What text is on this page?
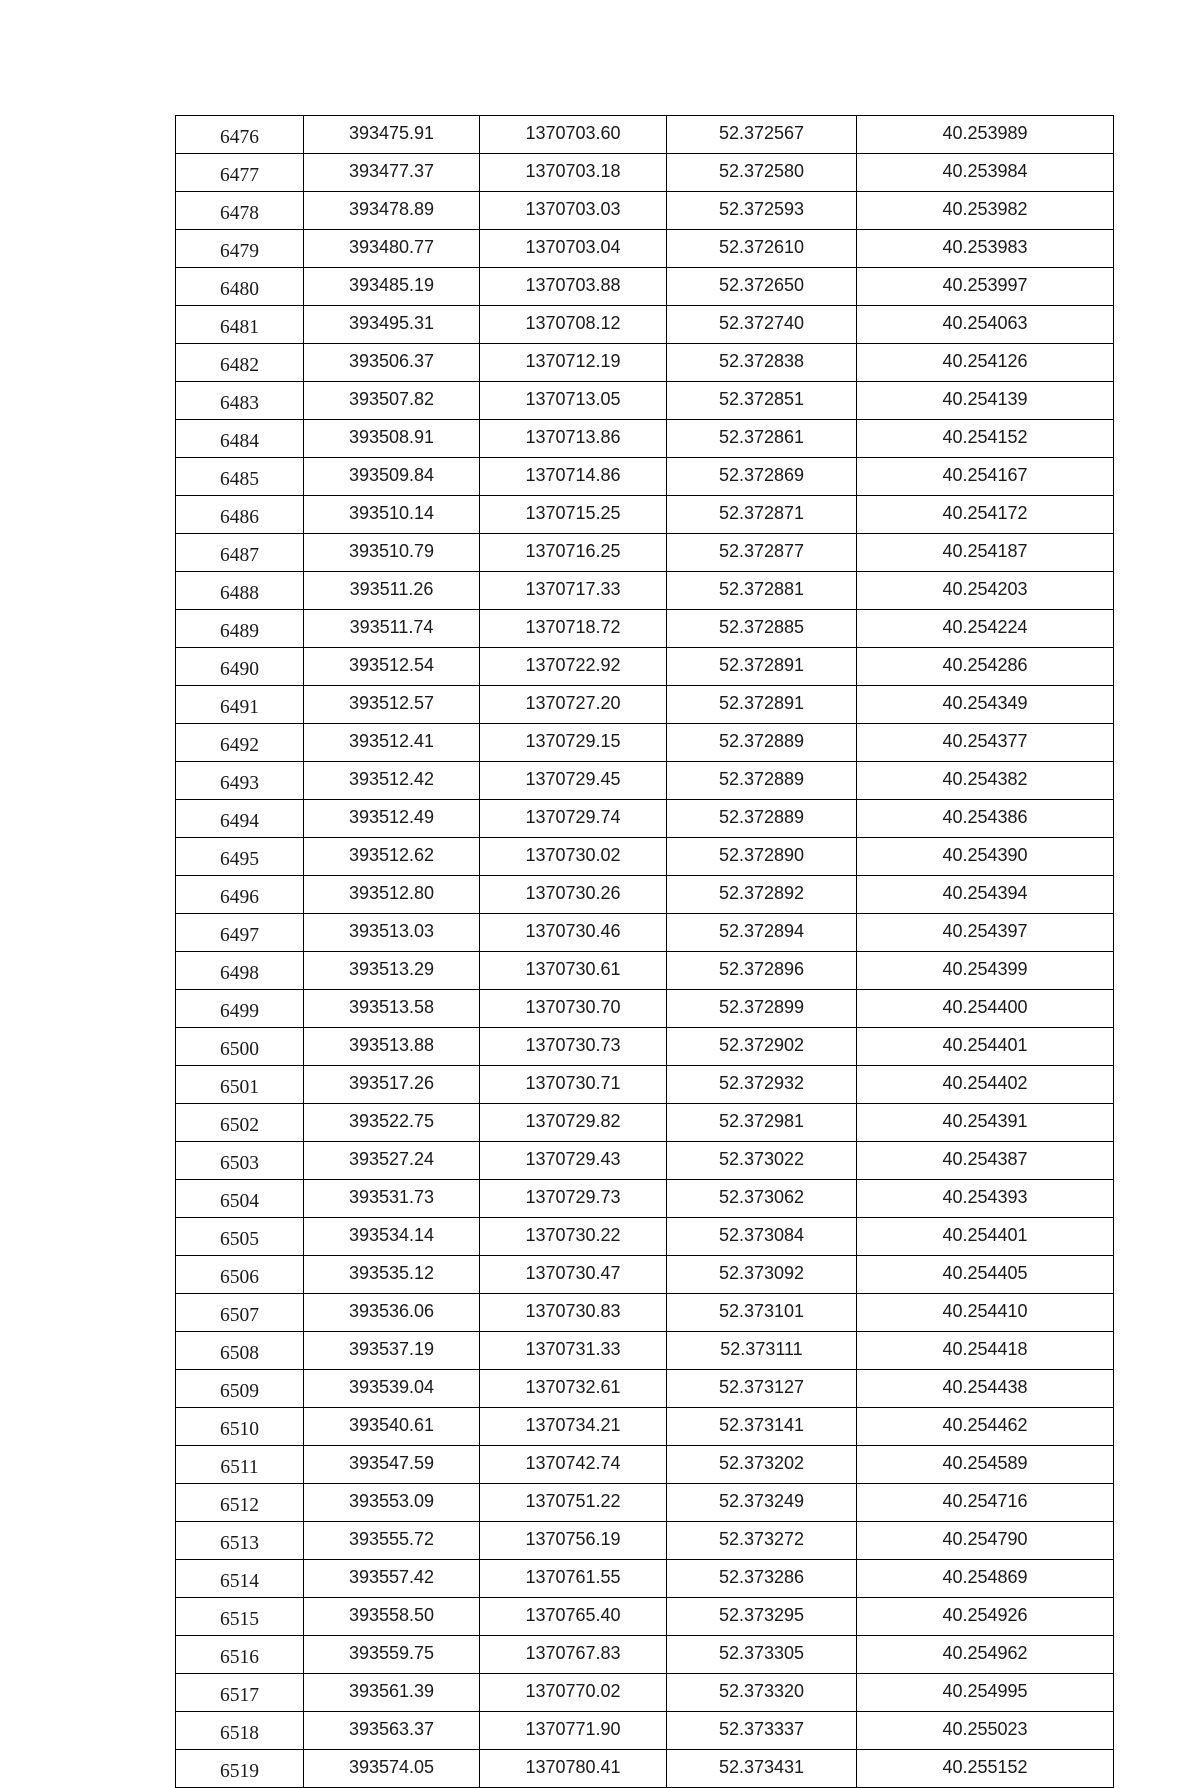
6476	393475.91	1370703.60	52.372567	40.253989
6477	393477.37	1370703.18	52.372580	40.253984
6478	393478.89	1370703.03	52.372593	40.253982
6479	393480.77	1370703.04	52.372610	40.253983
6480	393485.19	1370703.88	52.372650	40.253997
6481	393495.31	1370708.12	52.372740	40.254063
6482	393506.37	1370712.19	52.372838	40.254126
6483	393507.82	1370713.05	52.372851	40.254139
6484	393508.91	1370713.86	52.372861	40.254152
6485	393509.84	1370714.86	52.372869	40.254167
6486	393510.14	1370715.25	52.372871	40.254172
6487	393510.79	1370716.25	52.372877	40.254187
6488	393511.26	1370717.33	52.372881	40.254203
6489	393511.74	1370718.72	52.372885	40.254224
6490	393512.54	1370722.92	52.372891	40.254286
6491	393512.57	1370727.20	52.372891	40.254349
6492	393512.41	1370729.15	52.372889	40.254377
6493	393512.42	1370729.45	52.372889	40.254382
6494	393512.49	1370729.74	52.372889	40.254386
6495	393512.62	1370730.02	52.372890	40.254390
6496	393512.80	1370730.26	52.372892	40.254394
6497	393513.03	1370730.46	52.372894	40.254397
6498	393513.29	1370730.61	52.372896	40.254399
6499	393513.58	1370730.70	52.372899	40.254400
6500	393513.88	1370730.73	52.372902	40.254401
6501	393517.26	1370730.71	52.372932	40.254402
6502	393522.75	1370729.82	52.372981	40.254391
6503	393527.24	1370729.43	52.373022	40.254387
6504	393531.73	1370729.73	52.373062	40.254393
6505	393534.14	1370730.22	52.373084	40.254401
6506	393535.12	1370730.47	52.373092	40.254405
6507	393536.06	1370730.83	52.373101	40.254410
6508	393537.19	1370731.33	52.373111	40.254418
6509	393539.04	1370732.61	52.373127	40.254438
6510	393540.61	1370734.21	52.373141	40.254462
6511	393547.59	1370742.74	52.373202	40.254589
6512	393553.09	1370751.22	52.373249	40.254716
6513	393555.72	1370756.19	52.373272	40.254790
6514	393557.42	1370761.55	52.373286	40.254869
6515	393558.50	1370765.40	52.373295	40.254926
6516	393559.75	1370767.83	52.373305	40.254962
6517	393561.39	1370770.02	52.373320	40.254995
6518	393563.37	1370771.90	52.373337	40.255023
6519	393574.05	1370780.41	52.373431	40.255152
